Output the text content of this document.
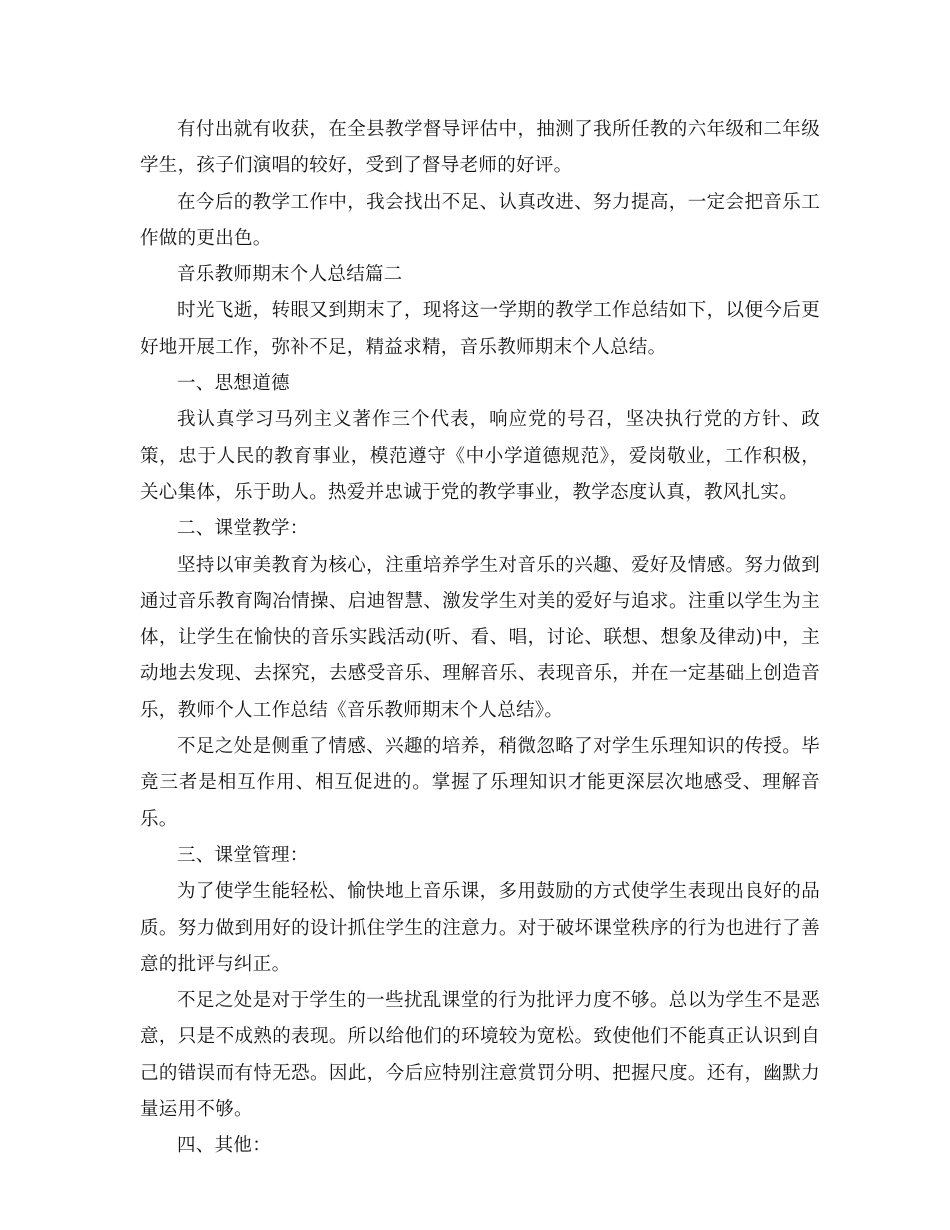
有付出就有收获，在全县教学督导评估中，抽测了我所任教的六年级和二年级学生，孩子们演唱的较好，受到了督导老师的好评。

在今后的教学工作中，我会找出不足、认真改进、努力提高，一定会把音乐工作做的更出色。

音乐教师期末个人总结篇二

时光飞逝，转眼又到期末了，现将这一学期的教学工作总结如下，以便今后更好地开展工作，弥补不足，精益求精，音乐教师期末个人总结。

一、思想道德

我认真学习马列主义著作三个代表，响应党的号召，坚决执行党的方针、政策，忠于人民的教育事业，模范遵守《中小学道德规范》，爱岗敬业，工作积极，关心集体，乐于助人。热爱并忠诚于党的教学事业，教学态度认真，教风扎实。

二、课堂教学：

坚持以审美教育为核心，注重培养学生对音乐的兴趣、爱好及情感。努力做到通过音乐教育陶冶情操、启迪智慧、激发学生对美的爱好与追求。注重以学生为主体，让学生在愉快的音乐实践活动(听、看、唱，讨论、联想、想象及律动)中，主动地去发现、去探究，去感受音乐、理解音乐、表现音乐，并在一定基础上创造音乐，教师个人工作总结《音乐教师期末个人总结》。

不足之处是侧重了情感、兴趣的培养，稍微忽略了对学生乐理知识的传授。毕竟三者是相互作用、相互促进的。掌握了乐理知识才能更深层次地感受、理解音乐。

三、课堂管理：

为了使学生能轻松、愉快地上音乐课，多用鼓励的方式使学生表现出良好的品质。努力做到用好的设计抓住学生的注意力。对于破坏课堂秩序的行为也进行了善意的批评与纠正。

不足之处是对于学生的一些扰乱课堂的行为批评力度不够。总以为学生不是恶意，只是不成熟的表现。所以给他们的环境较为宽松。致使他们不能真正认识到自己的错误而有恃无恐。因此，今后应特别注意赏罚分明、把握尺度。还有，幽默力量运用不够。

四、其他：
